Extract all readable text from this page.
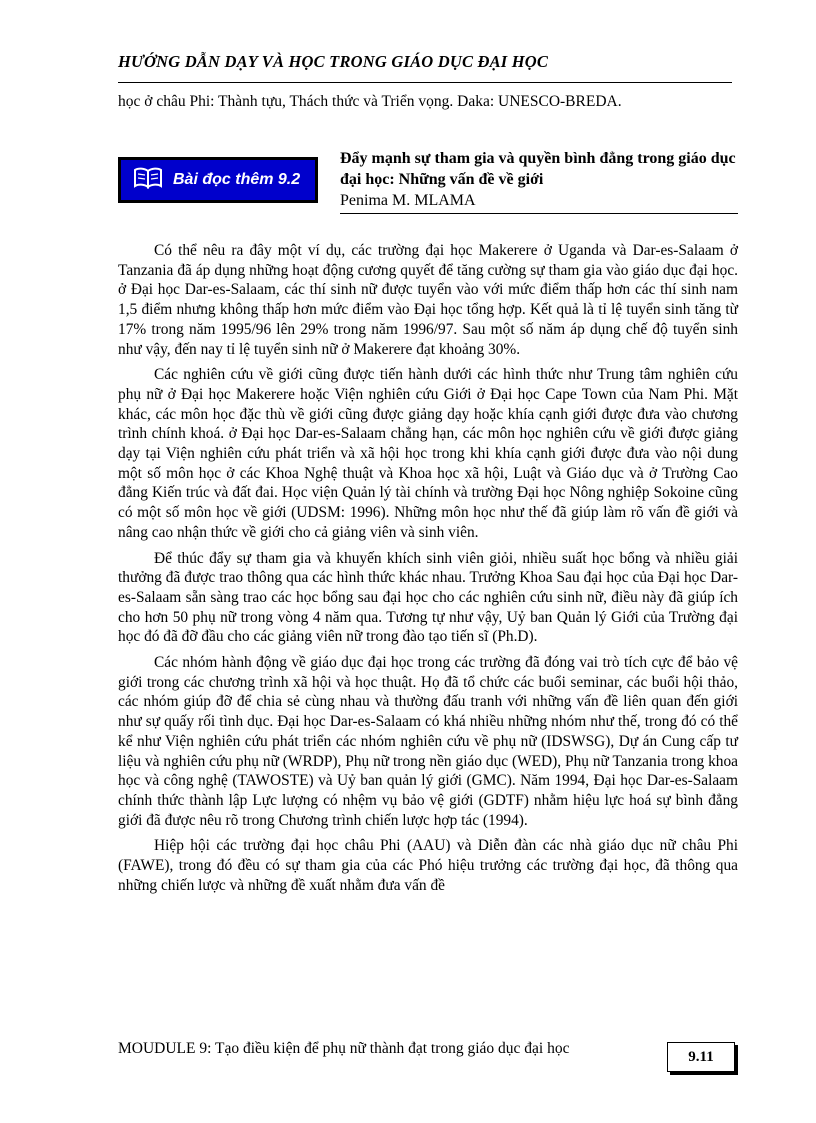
HƯỚNG DẪN DẠY VÀ HỌC TRONG GIÁO DỤC ĐẠI HỌC
học ở châu Phi: Thành tựu, Thách thức và Triển vọng. Daka: UNESCO-BREDA.
Bài đọc thêm 9.2
Đẩy mạnh sự tham gia và quyền bình đẳng trong giáo dục đại học: Những vấn đề về giới
Penima M. MLAMA

Có thể nêu ra đây một ví dụ, các trường đại học Makerere ở Uganda và Dar-es-Salaam ở Tanzania đã áp dụng những hoạt động cương quyết để tăng cường sự tham gia vào giáo dục đại học. ở Đại học Dar-es-Salaam, các thí sinh nữ được tuyển vào với mức điểm thấp hơn các thí sinh nam 1,5 điểm nhưng không thấp hơn mức điểm vào Đại học tổng hợp. Kết quả là tỉ lệ tuyển sinh tăng từ 17% trong năm 1995/96 lên 29% trong năm 1996/97. Sau một số năm áp dụng chế độ tuyển sinh như vậy, đến nay tỉ lệ tuyển sinh nữ ở Makerere đạt khoảng 30%.

Các nghiên cứu về giới cũng được tiến hành dưới các hình thức như Trung tâm nghiên cứu phụ nữ ở Đại học Makerere hoặc Viện nghiên cứu Giới ở Đại học Cape Town của Nam Phi. Mặt khác, các môn học đặc thù về giới cũng được giảng dạy hoặc khía cạnh giới được đưa vào chương trình chính khoá. ở Đại học Dar-es-Salaam chẳng hạn, các môn học nghiên cứu về giới được giảng dạy tại Viện nghiên cứu phát triển và xã hội học trong khi khía cạnh giới được đưa vào nội dung một số môn học ở các Khoa Nghệ thuật và Khoa học xã hội, Luật và Giáo dục và ở Trường Cao đẳng Kiến trúc và đất đai. Học viện Quản lý tài chính và trường Đại học Nông nghiệp Sokoine cũng có một số môn học về giới (UDSM: 1996). Những môn học như thế đã giúp làm rõ vấn đề giới và nâng cao nhận thức về giới cho cả giảng viên và sinh viên.

Để thúc đẩy sự tham gia và khuyến khích sinh viên giỏi, nhiều suất học bổng và nhiều giải thưởng đã được trao thông qua các hình thức khác nhau. Trưởng Khoa Sau đại học của Đại học Dar-es-Salaam sẵn sàng trao các học bổng sau đại học cho các nghiên cứu sinh nữ, điều này đã giúp ích cho hơn 50 phụ nữ trong vòng 4 năm qua. Tương tự như vậy, Uỷ ban Quản lý Giới của Trường đại học đó đã đỡ đầu cho các giảng viên nữ trong đào tạo tiến sĩ (Ph.D).

Các nhóm hành động về giáo dục đại học trong các trường đã đóng vai trò tích cực để bảo vệ giới trong các chương trình xã hội và học thuật. Họ đã tổ chức các buổi seminar, các buổi hội thảo, các nhóm giúp đỡ để chia sẻ cùng nhau và thường đấu tranh với những vấn đề liên quan đến giới như sự quấy rối tình dục. Đại học Dar-es-Salaam có khá nhiều những nhóm như thế, trong đó có thể kể như Viện nghiên cứu phát triển các nhóm nghiên cứu về phụ nữ (IDSWSG), Dự án Cung cấp tư liệu và nghiên cứu phụ nữ (WRDP), Phụ nữ trong nền giáo dục (WED), Phụ nữ Tanzania trong khoa học và công nghệ (TAWOSTE) và Uỷ ban quản lý giới (GMC). Năm 1994, Đại học Dar-es-Salaam chính thức thành lập Lực lượng có nhệm vụ bảo vệ giới (GDTF) nhằm hiệu lực hoá sự bình đẳng giới đã được nêu rõ trong Chương trình chiến lược hợp tác (1994).

Hiệp hội các trường đại học châu Phi (AAU) và Diễn đàn các nhà giáo dục nữ châu Phi (FAWE), trong đó đều có sự tham gia của các Phó hiệu trưởng các trường đại học, đã thông qua những chiến lược và những đề xuất nhằm đưa vấn đề

MOUDULE 9: Tạo điều kiện để phụ nữ thành đạt trong giáo dục đại học	9.11
